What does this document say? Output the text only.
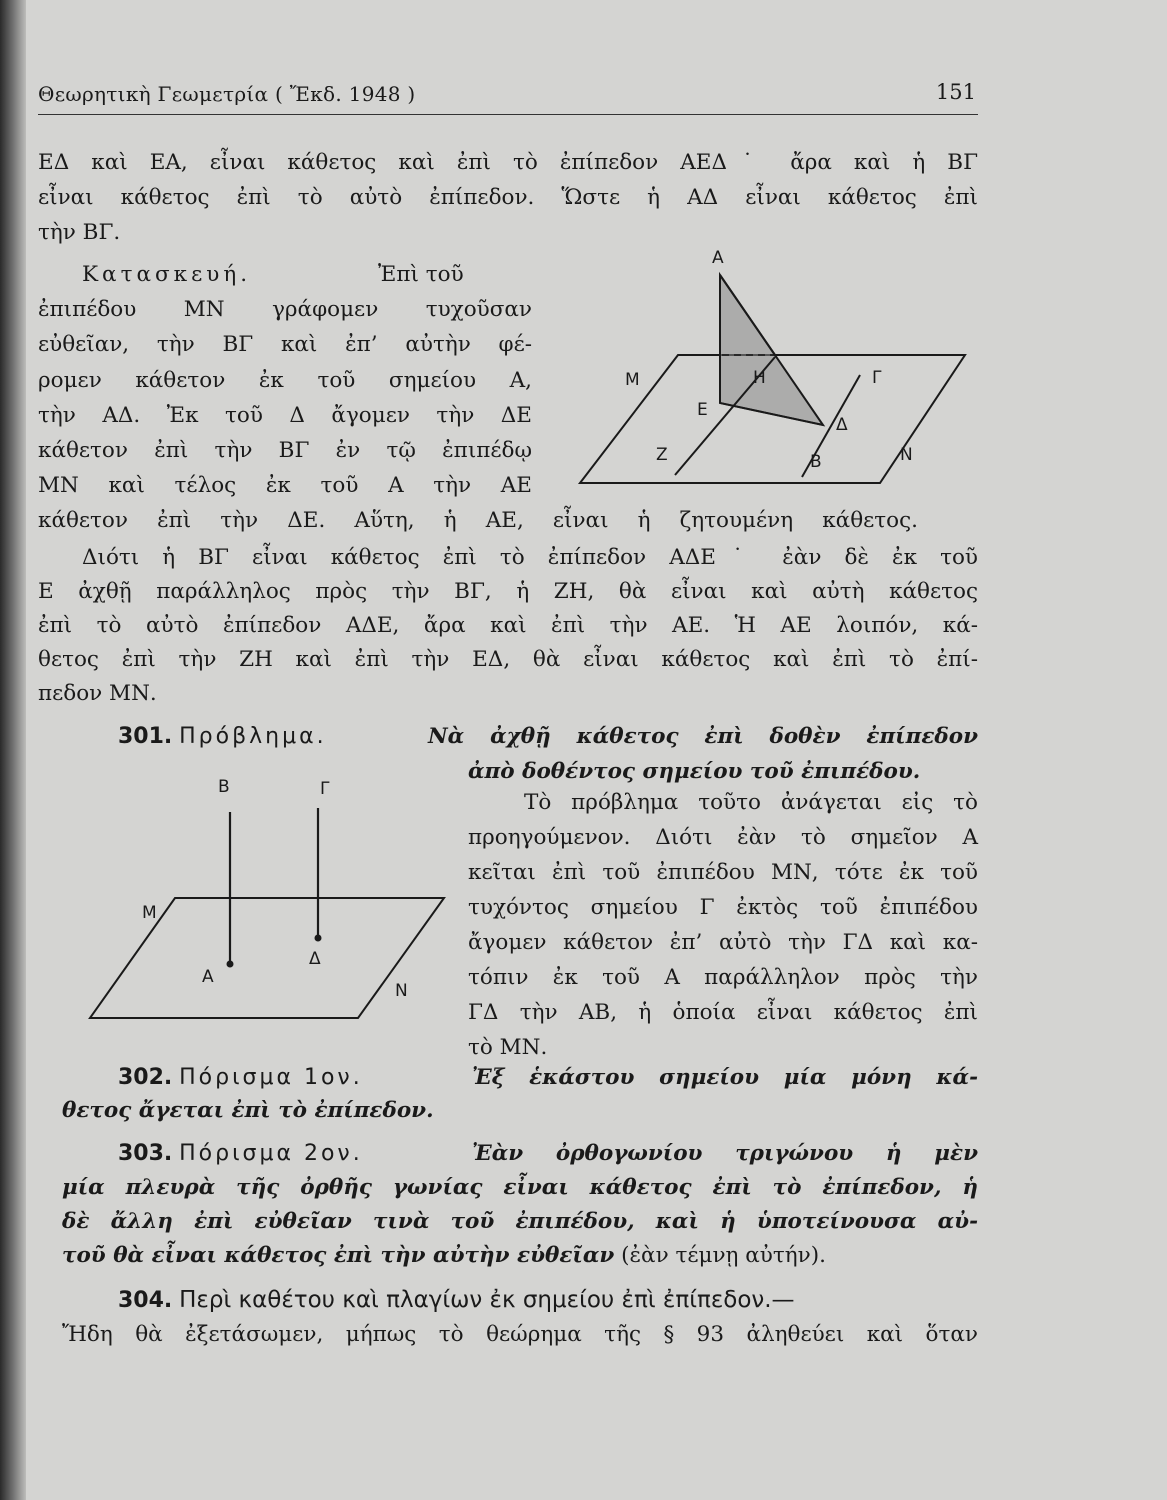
Θεωρητικὴ Γεωμετρία ( Ἔκδ. 1948 )	151
ΕΔ καὶ ΕΑ, εἶναι κάθετος καὶ ἐπὶ τὸ ἐπίπεδον ΑΕΔ˙ ἄρα καὶ ἡ ΒΓ
εἶναι κάθετος ἐπὶ τὸ αὐτὸ ἐπίπεδον. Ὥστε ἡ ΑΔ εἶναι κάθετος ἐπὶ
τὴν ΒΓ.
Κατασκευή.	Ἐπὶ τοῦ
ἐπιπέδου ΜΝ γράφομεν τυχοῦσαν
εὐθεῖαν, τὴν ΒΓ καὶ ἐπ’ αὐτὴν φέ-
ρομεν κάθετον ἐκ τοῦ σημείου Α,
τὴν ΑΔ. Ἐκ τοῦ Δ ἄγομεν τὴν ΔΕ
κάθετον ἐπὶ τὴν ΒΓ ἐν τῷ ἐπιπέδῳ
ΜΝ καὶ τέλος ἐκ τοῦ Α τὴν ΑΕ
κάθετον ἐπὶ τὴν ΔΕ. Αὕτη, ἡ ΑΕ, εἶναι ἡ ζητουμένη κάθετος.
Α
Μ	Η	Γ
Ε
Δ
Ζ	Β	Ν
Διότι ἡ ΒΓ εἶναι κάθετος ἐπὶ τὸ ἐπίπεδον ΑΔΕ˙ ἐὰν δὲ ἐκ τοῦ
Ε ἀχθῇ παράλληλος πρὸς τὴν ΒΓ, ἡ ΖΗ, θὰ εἶναι καὶ αὐτὴ κάθετος
ἐπὶ τὸ αὐτὸ ἐπίπεδον ΑΔΕ, ἄρα καὶ ἐπὶ τὴν ΑΕ. Ἡ ΑΕ λοιπόν, κά-
θετος ἐπὶ τὴν ΖΗ καὶ ἐπὶ τὴν ΕΔ, θὰ εἶναι κάθετος καὶ ἐπὶ τὸ ἐπί-
πεδον ΜΝ.
301. Πρόβλημα.	Νὰ ἀχθῇ κάθετος ἐπὶ δοθὲν ἐπίπεδον
ἀπὸ δοθέντος σημείου τοῦ ἐπιπέδου.
Τὸ πρόβλημα τοῦτο ἀνάγεται εἰς τὸ
προηγούμενον. Διότι ἐὰν τὸ σημεῖον Α
κεῖται ἐπὶ τοῦ ἐπιπέδου ΜΝ, τότε ἐκ τοῦ
τυχόντος σημείου Γ ἐκτὸς τοῦ ἐπιπέδου
ἄγομεν κάθετον ἐπ’ αὐτὸ τὴν ΓΔ καὶ κα-
τόπιν ἐκ τοῦ Α παράλληλον πρὸς τὴν
ΓΔ τὴν ΑΒ, ἡ ὁποία εἶναι κάθετος ἐπὶ
τὸ ΜΝ.
Β	Γ
Μ
Α
Δ
Ν
302. Πόρισμα 1ον.	Ἐξ ἑκάστου σημείου μία μόνη κά-
θετος ἄγεται ἐπὶ τὸ ἐπίπεδον.
303. Πόρισμα 2ον.	Ἐὰν ὀρθογωνίου τριγώνου ἡ μὲν
μία πλευρὰ τῆς ὀρθῆς γωνίας εἶναι κάθετος ἐπὶ τὸ ἐπίπεδον, ἡ
δὲ ἄλλη ἐπὶ εὐθεῖαν τινὰ τοῦ ἐπιπέδου, καὶ ἡ ὑποτείνουσα αὐ-
τοῦ θὰ εἶναι κάθετος ἐπὶ τὴν αὐτὴν εὐθεῖαν (ἐὰν τέμνῃ αὐτήν).
304. Περὶ καθέτου καὶ πλαγίων ἐκ σημείου ἐπὶ ἐπίπεδον.—
Ἤδη θὰ ἐξετάσωμεν, μήπως τὸ θεώρημα τῆς § 93 ἀληθεύει καὶ ὅταν
